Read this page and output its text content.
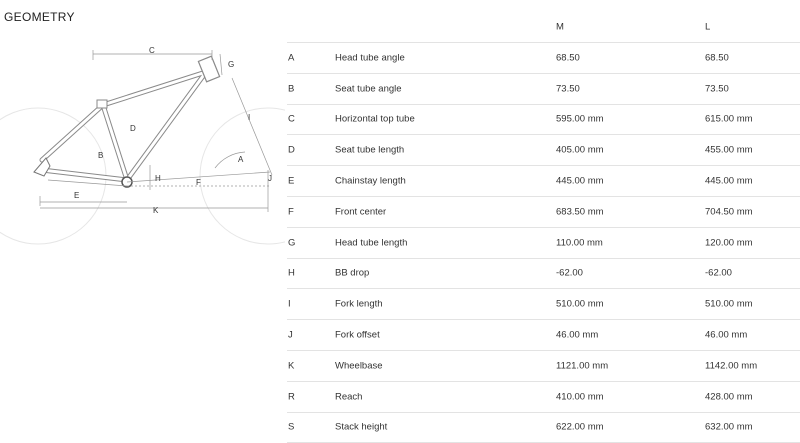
GEOMETRY
C
G
I
D
B	A
H	F	J
E
K
M	L
A	Head tube angle	68.50	68.50
B	Seat tube angle	73.50	73.50
C	Horizontal top tube	595.00 mm	615.00 mm
D	Seat tube length	405.00 mm	455.00 mm
E	Chainstay length	445.00 mm	445.00 mm
F	Front center	683.50 mm	704.50 mm
G	Head tube length	110.00 mm	120.00 mm
H	BB drop	-62.00	-62.00
I	Fork length	510.00 mm	510.00 mm
J	Fork offset	46.00 mm	46.00 mm
K	Wheelbase	1121.00 mm	1142.00 mm
R	Reach	410.00 mm	428.00 mm
S	Stack height	622.00 mm	632.00 mm
